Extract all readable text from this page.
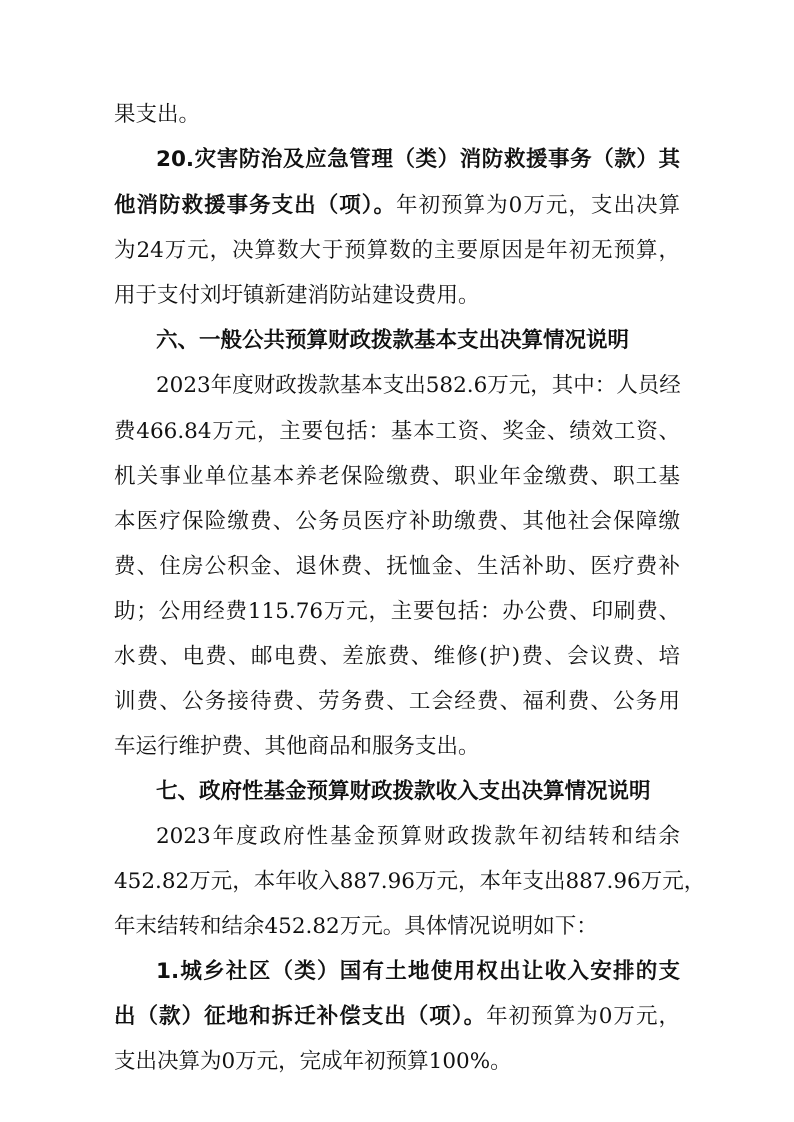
果支出。
20.灾害防治及应急管理（类）消防救援事务（款）其
他消防救援事务支出（项）。年初预算为0万元，支出决算
为24万元，决算数大于预算数的主要原因是年初无预算，
用于支付刘圩镇新建消防站建设费用。
六、一般公共预算财政拨款基本支出决算情况说明
2023年度财政拨款基本支出582.6万元，其中：人员经
费466.84万元，主要包括：基本工资、奖金、绩效工资、
机关事业单位基本养老保险缴费、职业年金缴费、职工基
本医疗保险缴费、公务员医疗补助缴费、其他社会保障缴
费、住房公积金、退休费、抚恤金、生活补助、医疗费补
助；公用经费115.76万元，主要包括：办公费、印刷费、
水费、电费、邮电费、差旅费、维修(护)费、会议费、培
训费、公务接待费、劳务费、工会经费、福利费、公务用
车运行维护费、其他商品和服务支出。
七、政府性基金预算财政拨款收入支出决算情况说明
2023年度政府性基金预算财政拨款年初结转和结余
452.82万元，本年收入887.96万元，本年支出887.96万元，
年末结转和结余452.82万元。具体情况说明如下：
1.城乡社区（类）国有土地使用权出让收入安排的支
出（款）征地和拆迁补偿支出（项）。年初预算为0万元，
支出决算为0万元，完成年初预算100%。
